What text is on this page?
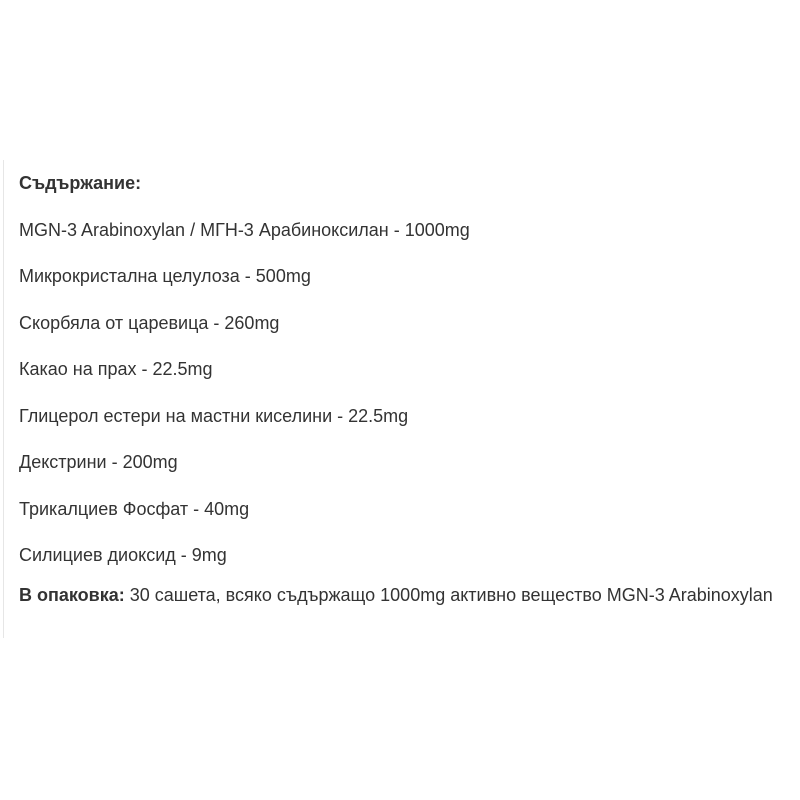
Съдържание:
MGN-3 Arabinoxylan / МГН-3 Арабиноксилан - 1000mg
Микрокристална целулоза - 500mg
Скорбяла от царевица - 260mg
Какао на прах - 22.5mg
Глицерол естери на мастни киселини - 22.5mg
Декстрини - 200mg
Трикалциев Фосфат - 40mg
Силициев диоксид - 9mg

В опаковка: 30 сашета, всяко съдържащо 1000mg активно вещество MGN-3 Arabinoxylan
